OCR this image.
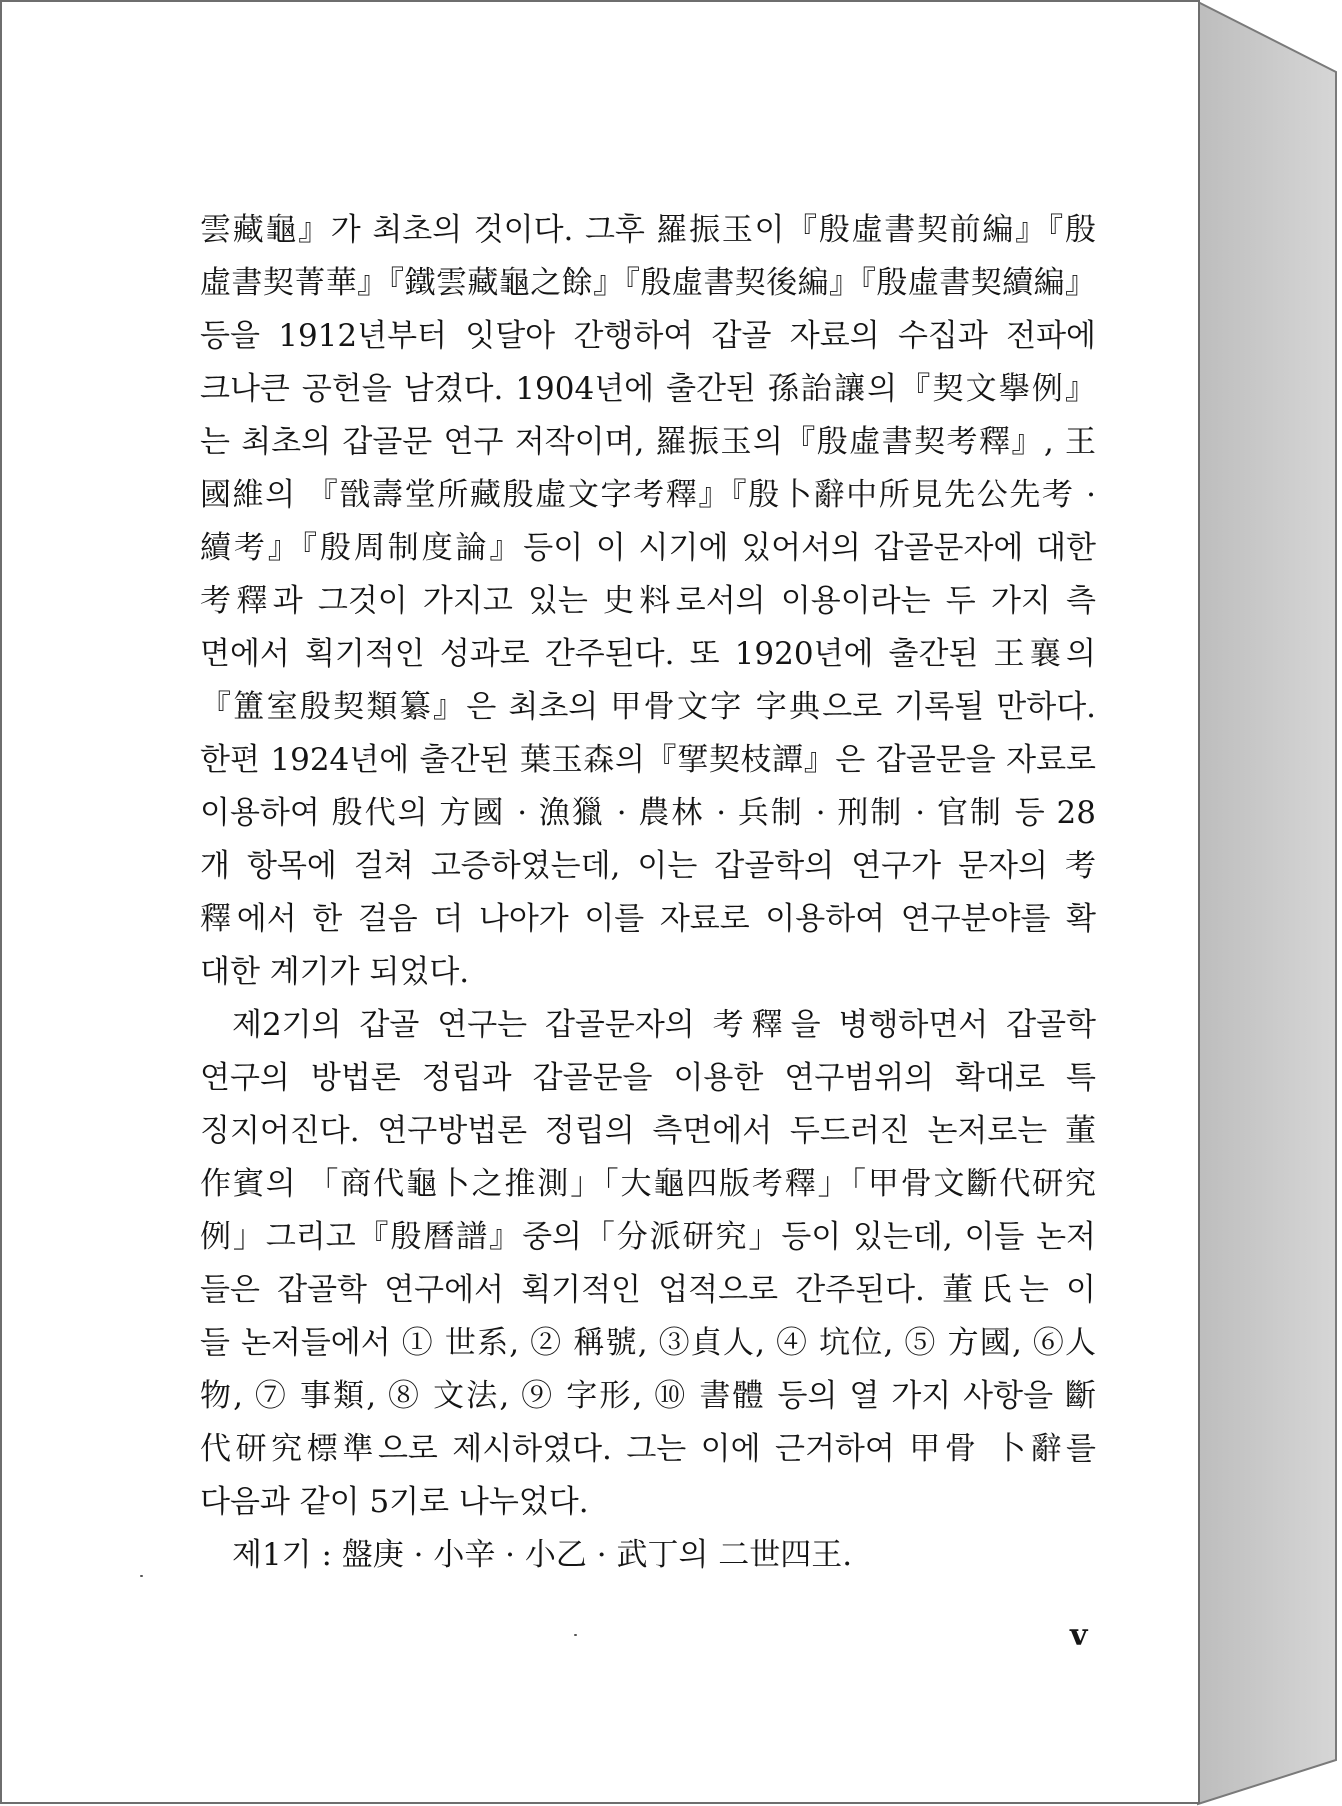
雲藏龜』가 최초의 것이다. 그후 羅振玉이『殷虛書契前編』『殷
虛書契菁華』『鐵雲藏龜之餘』『殷虛書契後編』『殷虛書契續編』
등을 1912년부터 잇달아 간행하여 갑골 자료의 수집과 전파에
크나큰 공헌을 남겼다. 1904년에 출간된 孫詒讓의『契文擧例』
는 최초의 갑골문 연구 저작이며, 羅振玉의『殷虛書契考釋』, 王
國維의 『戩壽堂所藏殷虛文字考釋』『殷卜辭中所見先公先考 ·
續考』『殷周制度論』등이 이 시기에 있어서의 갑골문자에 대한
考釋과 그것이 가지고 있는 史料로서의 이용이라는 두 가지 측
면에서 획기적인 성과로 간주된다. 또 1920년에 출간된 王襄의
『簠室殷契類纂』은 최초의 甲骨文字 字典으로 기록될 만하다.
한편 1924년에 출간된 葉玉森의『揅契枝譚』은 갑골문을 자료로
이용하여 殷代의 方國 · 漁獵 · 農林 · 兵制 · 刑制 · 官制 등 28
개 항목에 걸쳐 고증하였는데, 이는 갑골학의 연구가 문자의 考
釋에서 한 걸음 더 나아가 이를 자료로 이용하여 연구분야를 확
대한 계기가 되었다.
제2기의 갑골 연구는 갑골문자의 考釋을 병행하면서 갑골학
연구의 방법론 정립과 갑골문을 이용한 연구범위의 확대로 특
징지어진다. 연구방법론 정립의 측면에서 두드러진 논저로는 董
作賓의 「商代龜卜之推測」「大龜四版考釋」「甲骨文斷代研究
例」그리고『殷曆譜』중의「分派研究」등이 있는데, 이들 논저
들은 갑골학 연구에서 획기적인 업적으로 간주된다. 董氏는 이
들 논저들에서 ① 世系, ② 稱號, ③貞人, ④ 坑位, ⑤ 方國, ⑥人
物, ⑦ 事類, ⑧ 文法, ⑨ 字形, ⑩ 書體 등의 열 가지 사항을 斷
代研究標準으로 제시하였다. 그는 이에 근거하여 甲骨 卜辭를
다음과 같이 5기로 나누었다.
제1기 : 盤庚 · 小辛 · 小乙 · 武丁의 二世四王.
v
